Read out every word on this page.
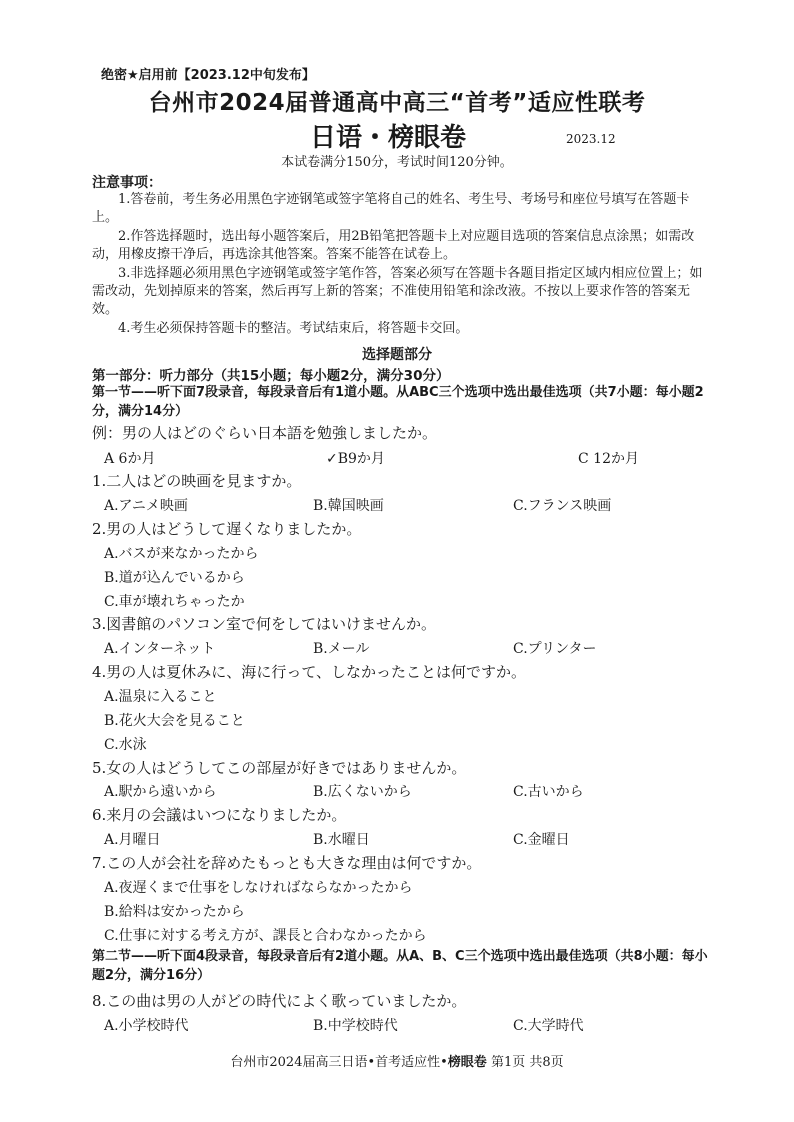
绝密★启用前【2023.12中旬发布】
台州市2024届普通高中高三“首考”适应性联考
日语・榜眼卷	2023.12
本试卷满分150分，考试时间120分钟。
注意事项：

1.答卷前，考生务必用黑色字迹钢笔或签字笔将自己的姓名、考生号、考场号和座位号填写在答题卡上。

2.作答选择题时，选出每小题答案后，用2B铅笔把答题卡上对应题目选项的答案信息点涂黑；如需改动，用橡皮擦干净后，再选涂其他答案。答案不能答在试卷上。

3.非选择题必须用黑色字迹钢笔或签字笔作答，答案必须写在答题卡各题目指定区域内相应位置上；如需改动，先划掉原来的答案，然后再写上新的答案；不准使用铅笔和涂改液。不按以上要求作答的答案无效。

4.考生必须保持答题卡的整洁。考试结束后，将答题卡交回。

选择题部分
第一部分：听力部分（共15小题；每小题2分，满分30分）
第一节——听下面7段录音，每段录音后有1道小题。从ABC三个选项中选出最佳选项（共7小题：每小题2分，满分14分）
例：男の人はどのぐらい日本語を勉強しましたか。
A 6か月	✓B9か月	C 12か月
1.二人はどの映画を見ますか。
A.アニメ映画	B.韓国映画	C.フランス映画
2.男の人はどうして遅くなりましたか。
A.バスが来なかったから
B.道が込んでいるから
C.車が壊れちゃったか
3.図書館のパソコン室で何をしてはいけませんか。
A.インターネット	B.メール	C.プリンター
4.男の人は夏休みに、海に行って、しなかったことは何ですか。
A.温泉に入ること
B.花火大会を見ること
C.水泳
5.女の人はどうしてこの部屋が好きではありませんか。
A.駅から遠いから	B.広くないから	C.古いから
6.来月の会議はいつになりましたか。
A.月曜日	B.水曜日	C.金曜日
7.この人が会社を辞めたもっとも大きな理由は何ですか。
A.夜遅くまで仕事をしなければならなかったから
B.給料は安かったから
C.仕事に対する考え方が、課長と合わなかったから
第二节——听下面4段录音，每段录音后有2道小题。从A、B、C三个选项中选出最佳选项（共8小题：每小题2分，满分16分）
8.この曲は男の人がどの時代によく歌っていましたか。
A.小学校時代	B.中学校時代	C.大学時代
台州市2024届高三日语•首考适应性•榜眼卷 第1页 共8页
